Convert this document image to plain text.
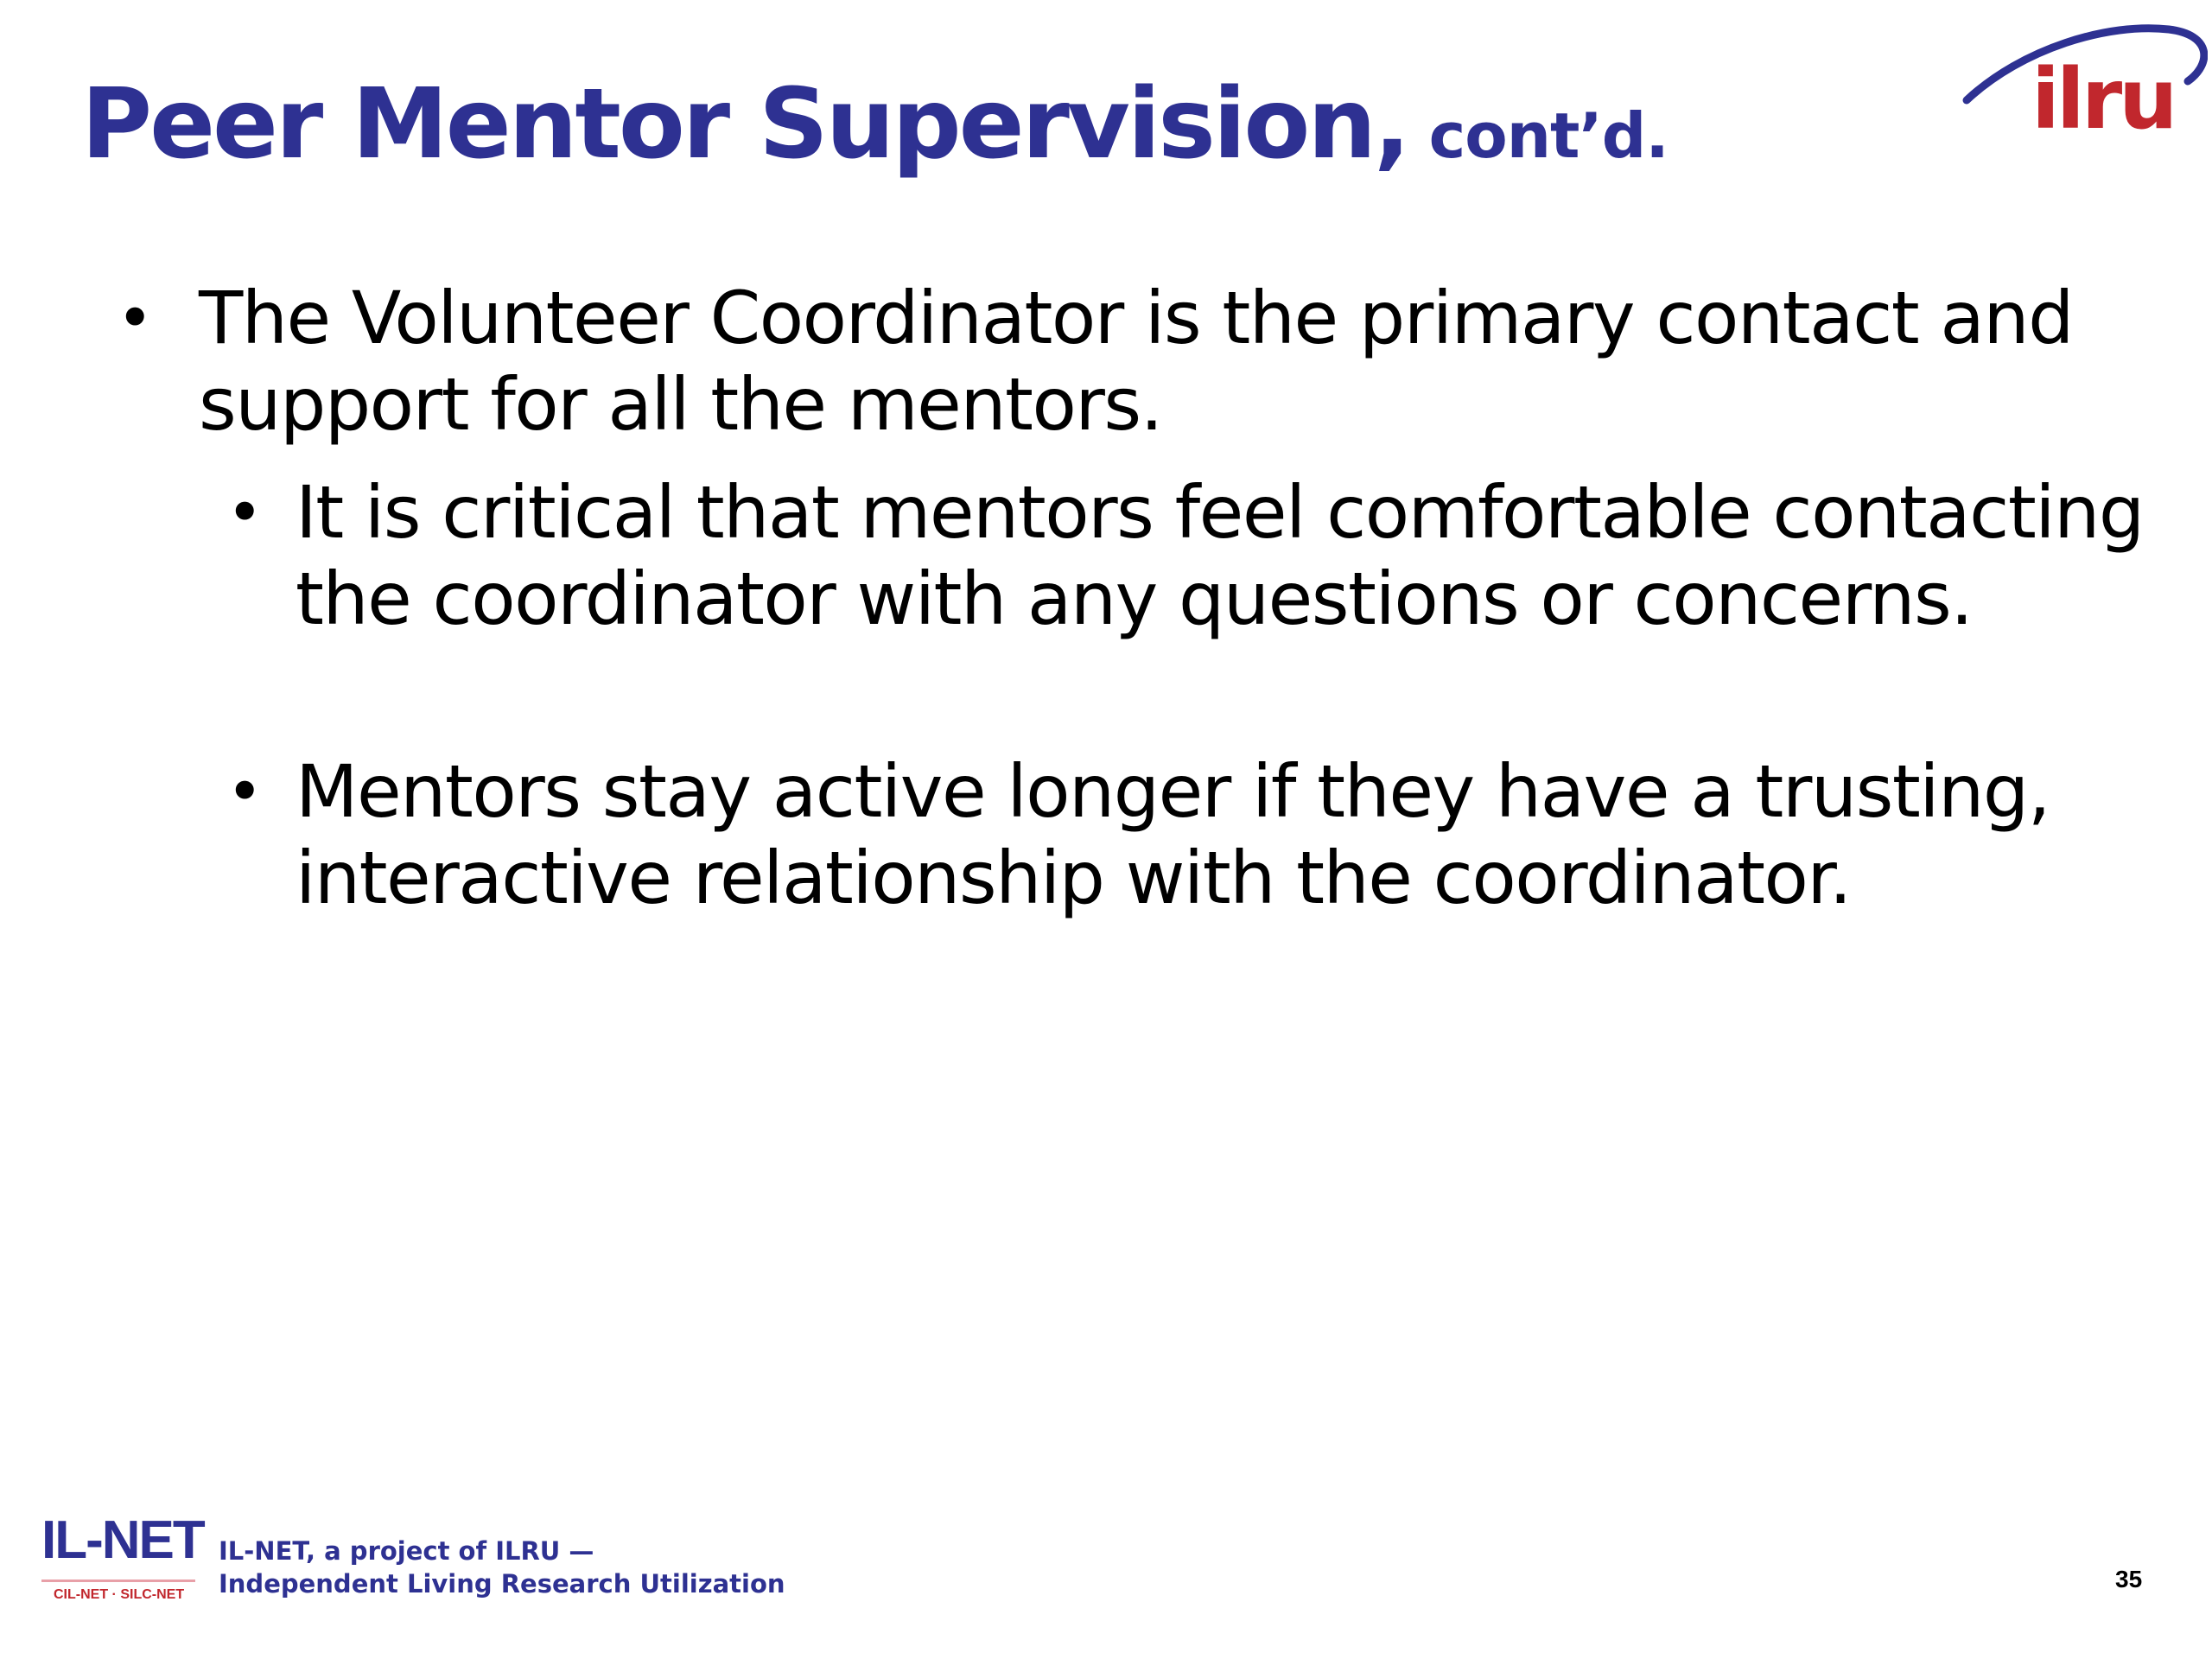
Peer Mentor Supervision, cont’d.	ilru
• The Volunteer Coordinator is the primary contact and support for all the mentors.
• It is critical that mentors feel comfortable contacting the coordinator with any questions or concerns.
• Mentors stay active longer if they have a trusting, interactive relationship with the coordinator.
IL-NET
CIL-NET · SILC-NET
IL-NET, a project of ILRU —
Independent Living Research Utilization	35
